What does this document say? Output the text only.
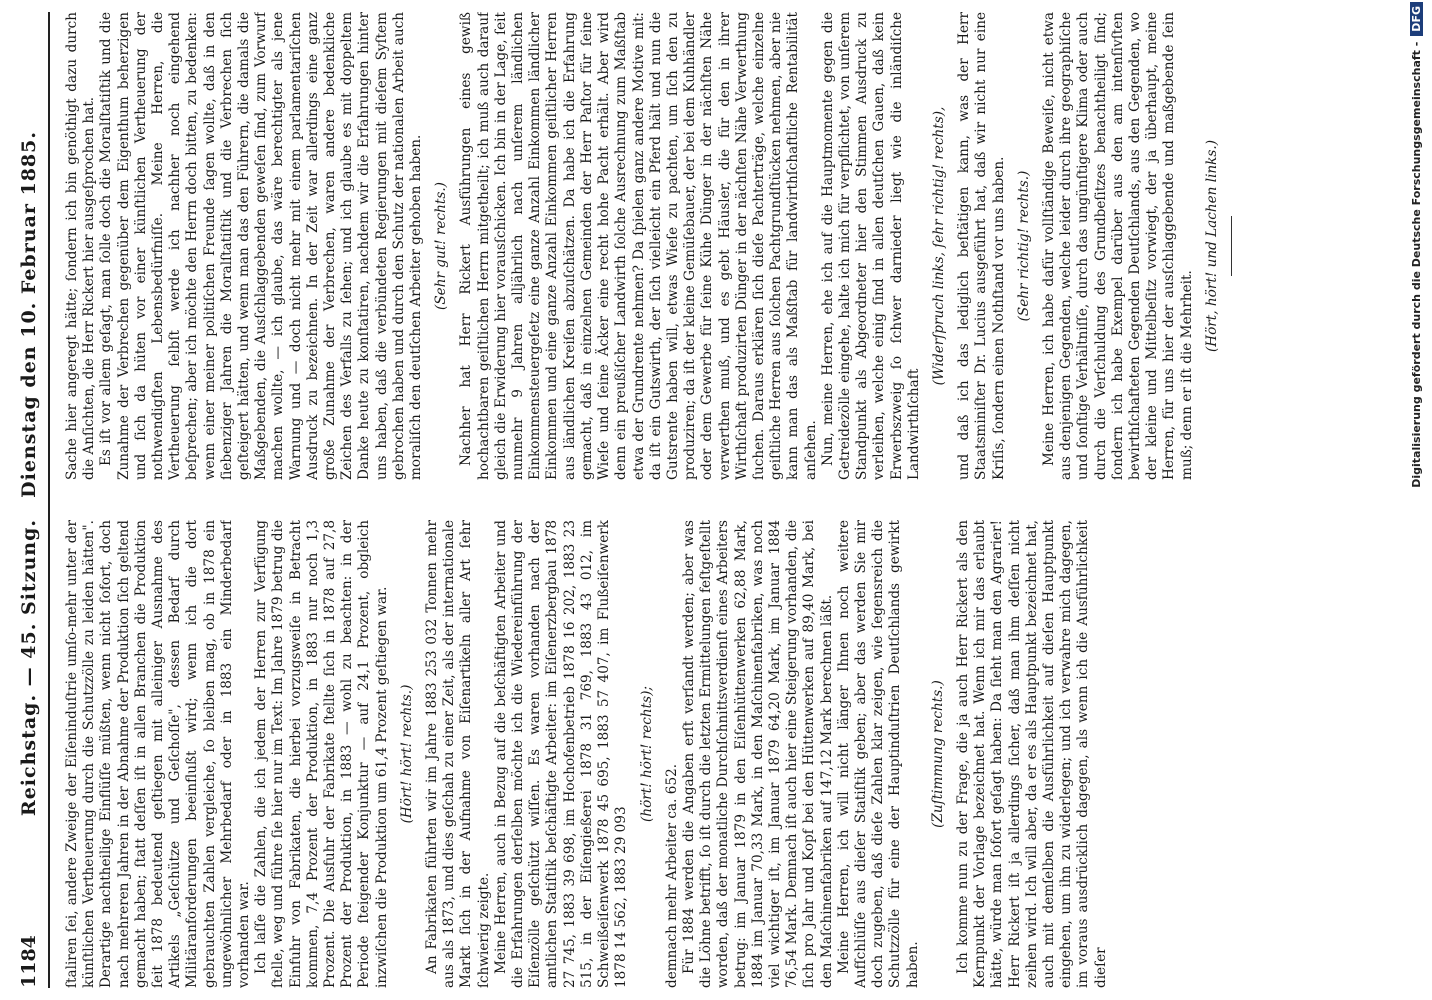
1184
Reichstag. — 45. Sitzung.   Dienstag den 10. Februar 1885.

ſtaliren ſei, andere Zweige der Eiſeninduſtrie umſo-mehr unter der künſtlichen Vertheuerung durch die Schutzzölle zu leiden hätten". Derartige nachtheilige Einflüſſe müßten, wenn nicht ſofort, doch nach mehreren Jahren in der Abnahme der Produktion ſich geltend gemacht haben; ſtatt deſſen iſt in allen Branchen die Produktion ſeit 1878 bedeutend geſtiegen mit alleiniger Ausnahme des Artikels „Geſchütze und Geſchoſſe", dessen Bedarf durch Militäranforderungen beeinflußt wird; wenn ich die dort gebrauchten Zahlen vergleiche, ſo bleiben mag, ob in 1878 ein ungewöhnlicher Mehrbedarf oder in 1883 ein Minderbedarf vorhanden war. Ich laſſe die Zahlen, die ich jedem der Herren zur Verfügung ſtelle, weg und führe ſie hier nur im Text: Im Jahre 1879 betrug die Einfuhr von Fabrikaten, die hierbei vorzugsweiſe in Betracht kommen, 7,4 Prozent der Produktion, in 1883 nur noch 1,3 Prozent. Die Ausfuhr der Fabrikate ſtellte ſich in 1878 auf 27,8 Prozent der Produktion, in 1883 — wohl zu beachten: in der Periode ſteigender Konjunktur — auf 24,1 Prozent, obgleich inzwiſchen die Produktion um 61,4 Prozent geſtiegen war. (Hört! hört! rechts.) An Fabrikaten führten wir im Jahre 1883 253 032 Tonnen mehr aus als 1873, und dies geſchah zu einer Zeit, als der internationale Markt ſich in der Aufnahme von Eiſenartikeln aller Art ſehr ſchwierig zeigte. Meine Herren, auch in Bezug auf die beſchäftigten Arbeiter und die Erfahrungen derſelben möchte ich die Wiedereinführung der Eiſenzölle geſchützt wiſſen. Es waren vorhanden nach der amtlichen Statiſtik beſchäftigte Arbeiter: im Eiſenerzbergbau 1878 27 745, 1883 39 698, im Hochofenbetrieb 1878 16 202, 1883 23 515, in der Eiſengießerei 1878 31 769, 1883 43 012, im Schweißeiſenwerk 1878 45 695, 1883 57 407, im Flußeiſenwerk 1878 14 562, 1883 29 093

(hört! hört! rechts);

demnach mehr Arbeiter ca. 652. Für 1884 werden die Angaben erſt verſandt werden; aber was die Löhne betrifft, ſo iſt durch die letzten Ermittelungen feſtgeſtellt worden, daß der monatliche Durchſchnittsverdienſt eines Arbeiters betrug: im Januar 1879 in den Eiſenhüttenwerken 62,88 Mark, 1884 im Januar 70,33 Mark, in den Maſchinenfabriken, was noch viel wichtiger iſt, im Januar 1879 64,20 Mark, im Januar 1884 76,54 Mark. Demnach iſt auch hier eine Steigerung vorhanden, die ſich pro Jahr und Kopf bei den Hüttenwerken auf 89,40 Mark, bei den Maſchinenfabriken auf 147,12 Mark berechnen läßt. Meine Herren, ich will nicht länger Ihnen noch weitere Aufſchlüſſe aus dieſer Statiſtik geben; aber das werden Sie mir doch zugeben, daß dieſe Zahlen klar zeigen, wie ſegensreich die Schutzzölle für eine der Hauptinduſtrien Deutſchlands gewirkt haben.

(Zuſtimmung rechts.) Ich komme nun zu der Frage, die ja auch Herr Rickert als den Kernpunkt der Vorlage bezeichnet hat. Wenn ich mir das erlaubt hätte, würde man ſofort geſagt haben: Da ſieht man den Agrarier! Herr Rickert iſt ja allerdings ſicher, daß man ihm deſſen nicht zeihen wird. Ich will aber, da er es als Hauptpunkt bezeichnet hat, auch mit demſelben die Ausführlichkeit auf dieſen Hauptpunkt eingehen, um ihn zu widerlegen; und ich verwahre mich dagegen, im voraus ausdrücklich dagegen, als wenn ich die Ausführlichkeit dieſer

Sache hier angeregt hätte; ſondern ich bin genöthigt dazu durch die Anſichten, die Herr Rickert hier ausgeſprochen hat. Es iſt vor allem geſagt, man ſolle doch die Moralſtatiſtik und die Zunahme der Verbrechen gegenüber dem Eigenthum beherzigen und ſich da hüten vor einer künſtlichen Vertheuerung der nothwendigſten Lebensbedürfniſſe. Meine Herren, die Vertheuerung ſelbſt werde ich nachher noch eingehend beſprechen; aber ich möchte den Herrn doch bitten, zu bedenken: wenn einer meiner politiſchen Freunde ſagen wollte, daß in den ſiebenziger Jahren die Moralſtatiſtik und die Verbrechen ſich geſteigert hätten, und wenn man das den Führern, die damals die Maßgebenden, die Ausſchlaggebenden geweſen ſind, zum Vorwurf machen wollte, — ich glaube, das wäre berechtigter als jene Warnung und — doch nicht mehr mit einem parlamentariſchen Ausdruck zu bezeichnen. In der Zeit war allerdings eine ganz große Zunahme der Verbrechen, waren andere bedenkliche Zeichen des Verfalls zu ſehen; und ich glaube es mit doppeltem Danke heute zu konſtatiren, nachdem wir die Erfahrungen hinter uns haben, daß die verbündeten Regierungen mit dieſem Syſtem gebrochen haben und durch den Schutz der nationalen Arbeit auch moraliſch den deutſchen Arbeiter gehoben haben. (Sehr gut! rechts.) Nachher hat Herr Rickert Ausführungen eines gewiß hochachtbaren geiſtlichen Herrn mitgetheilt; ich muß auch darauf gleich die Erwiderung hier vorausſchicken. Ich bin in der Lage, ſeit nunmehr 9 Jahren alljährlich nach unſerem ländlichen Einkommensteuergeſetz eine ganze Anzahl Einkommen ländlicher Einkommen und eine ganze Anzahl Einkommen geiſtlicher Herren aus ländlichen Kreiſen abzuſchätzen. Da habe ich die Erfahrung gemacht, daß in einzelnen Gemeinden der Herr Paſtor für ſeine Wieſe und ſeine Äcker eine recht hohe Pacht erhält. Aber wird denn ein preußiſcher Landwirth ſolche Ausrechnung zum Maßſtab etwa der Grundrente nehmen? Da ſpielen ganz andere Motive mit: da iſt ein Gutswirth, der ſich vielleicht ein Pferd hält und nun die Gutsrente haben will, etwas Wieſe zu pachten, um ſich den zu produziren; da iſt der kleine Gemüſebauer, der bei dem Kuhhändler oder dem Gewerbe für ſeine Kühe Dünger in der nächſten Nähe verwerthen muß, und es gebt Häusler, die für den in ihrer Wirthſchaft produzirten Dünger in der nächſten Nähe Verwerthung ſuchen. Daraus erklären ſich dieſe Pachterträge, welche einzelne geiſtliche Herren aus ſolchen Pachtgrundſtücken nehmen, aber nie kann man das als Maßſtab für landwirthſchaftliche Rentabilität anſehen. Nun, meine Herren, ehe ich auf die Hauptmomente gegen die Getreidezölle eingehe, halte ich mich für verpflichtet, von unſerem Standpunkt als Abgeordneter hier den Stimmen Ausdruck zu verleihen, welche einig ſind in allen deutſchen Gauen, daß kein Erwerbszweig ſo ſchwer darnieder liegt wie die inländiſche Landwirthſchaft

(Widerſpruch links, ſehr richtig! rechts), und daß ich das lediglich beſtätigen kann, was der Herr Staatsminiſter Dr. Lucius ausgeführt hat, daß wir nicht nur eine Kriſis, ſondern einen Nothſtand vor uns haben. (Sehr richtig! rechts.) Meine Herren, ich habe dafür vollſtändige Beweiſe, nicht etwa aus denjenigen Gegenden, welche leider durch ihre geographiſche und ſonſtige Verhältniſſe, durch das ungünſtigere Klima oder auch durch die Verſchuldung des Grundbeſitzes benachtheiligt ſind; ſondern ich habe Exempel darüber aus den am intenſivſten bewirthſchafteten Gegenden Deutſchlands, aus den Gegenden, wo der kleine und Mittelbeſitz vorwiegt, der ja überhaupt, meine Herren, für uns hier der ausſchlaggebende und maßgebende ſein muß; denn er iſt die Mehrheit.

(Hört, hört! und Lachen links.)	Digitalisierung gefördert durch die Deutsche Forschungsgemeinschaft -DFG
